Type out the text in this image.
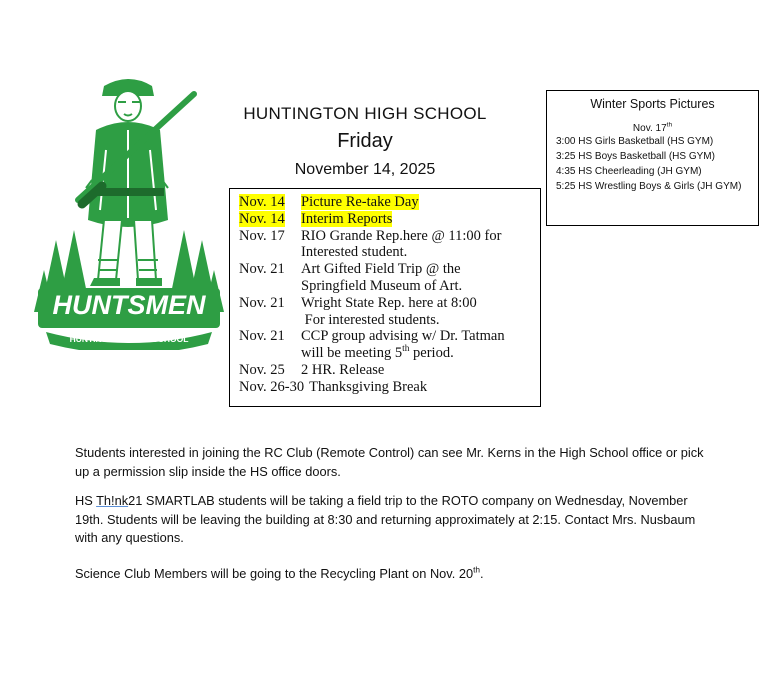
HUNTSMEN
HUNTINGTON HIGH SCHOOL
HUNTINGTON HIGH SCHOOL
Friday
November 14, 2025
Nov. 14	Picture Re-take Day
Nov. 14	Interim Reports
Nov. 17	RIO Grande Rep.here @ 11:00 for
Interested student.
Nov. 21	Art Gifted Field Trip @ the
Springfield Museum of Art.
Nov. 21	Wright State Rep. here at 8:00
For interested students.
Nov. 21	CCP group advising w/ Dr. Tatman
will be meeting 5th period.
Nov. 25	2 HR. Release
Nov. 26-30 Thanksgiving Break
Winter Sports Pictures
Nov. 17th
3:00 HS Girls Basketball (HS GYM)
3:25 HS Boys Basketball (HS GYM)
4:35 HS Cheerleading (JH GYM)
5:25 HS Wrestling Boys & Girls (JH GYM)
Students interested in joining the RC Club (Remote Control) can see Mr. Kerns in the High School office or pick up a permission slip inside the HS office doors.
HS Th!nk21 SMARTLAB students will be taking a field trip to the ROTO company on Wednesday, November 19th. Students will be leaving the building at 8:30 and returning approximately at 2:15. Contact Mrs. Nusbaum with any questions.
Science Club Members will be going to the Recycling Plant on Nov. 20th.
